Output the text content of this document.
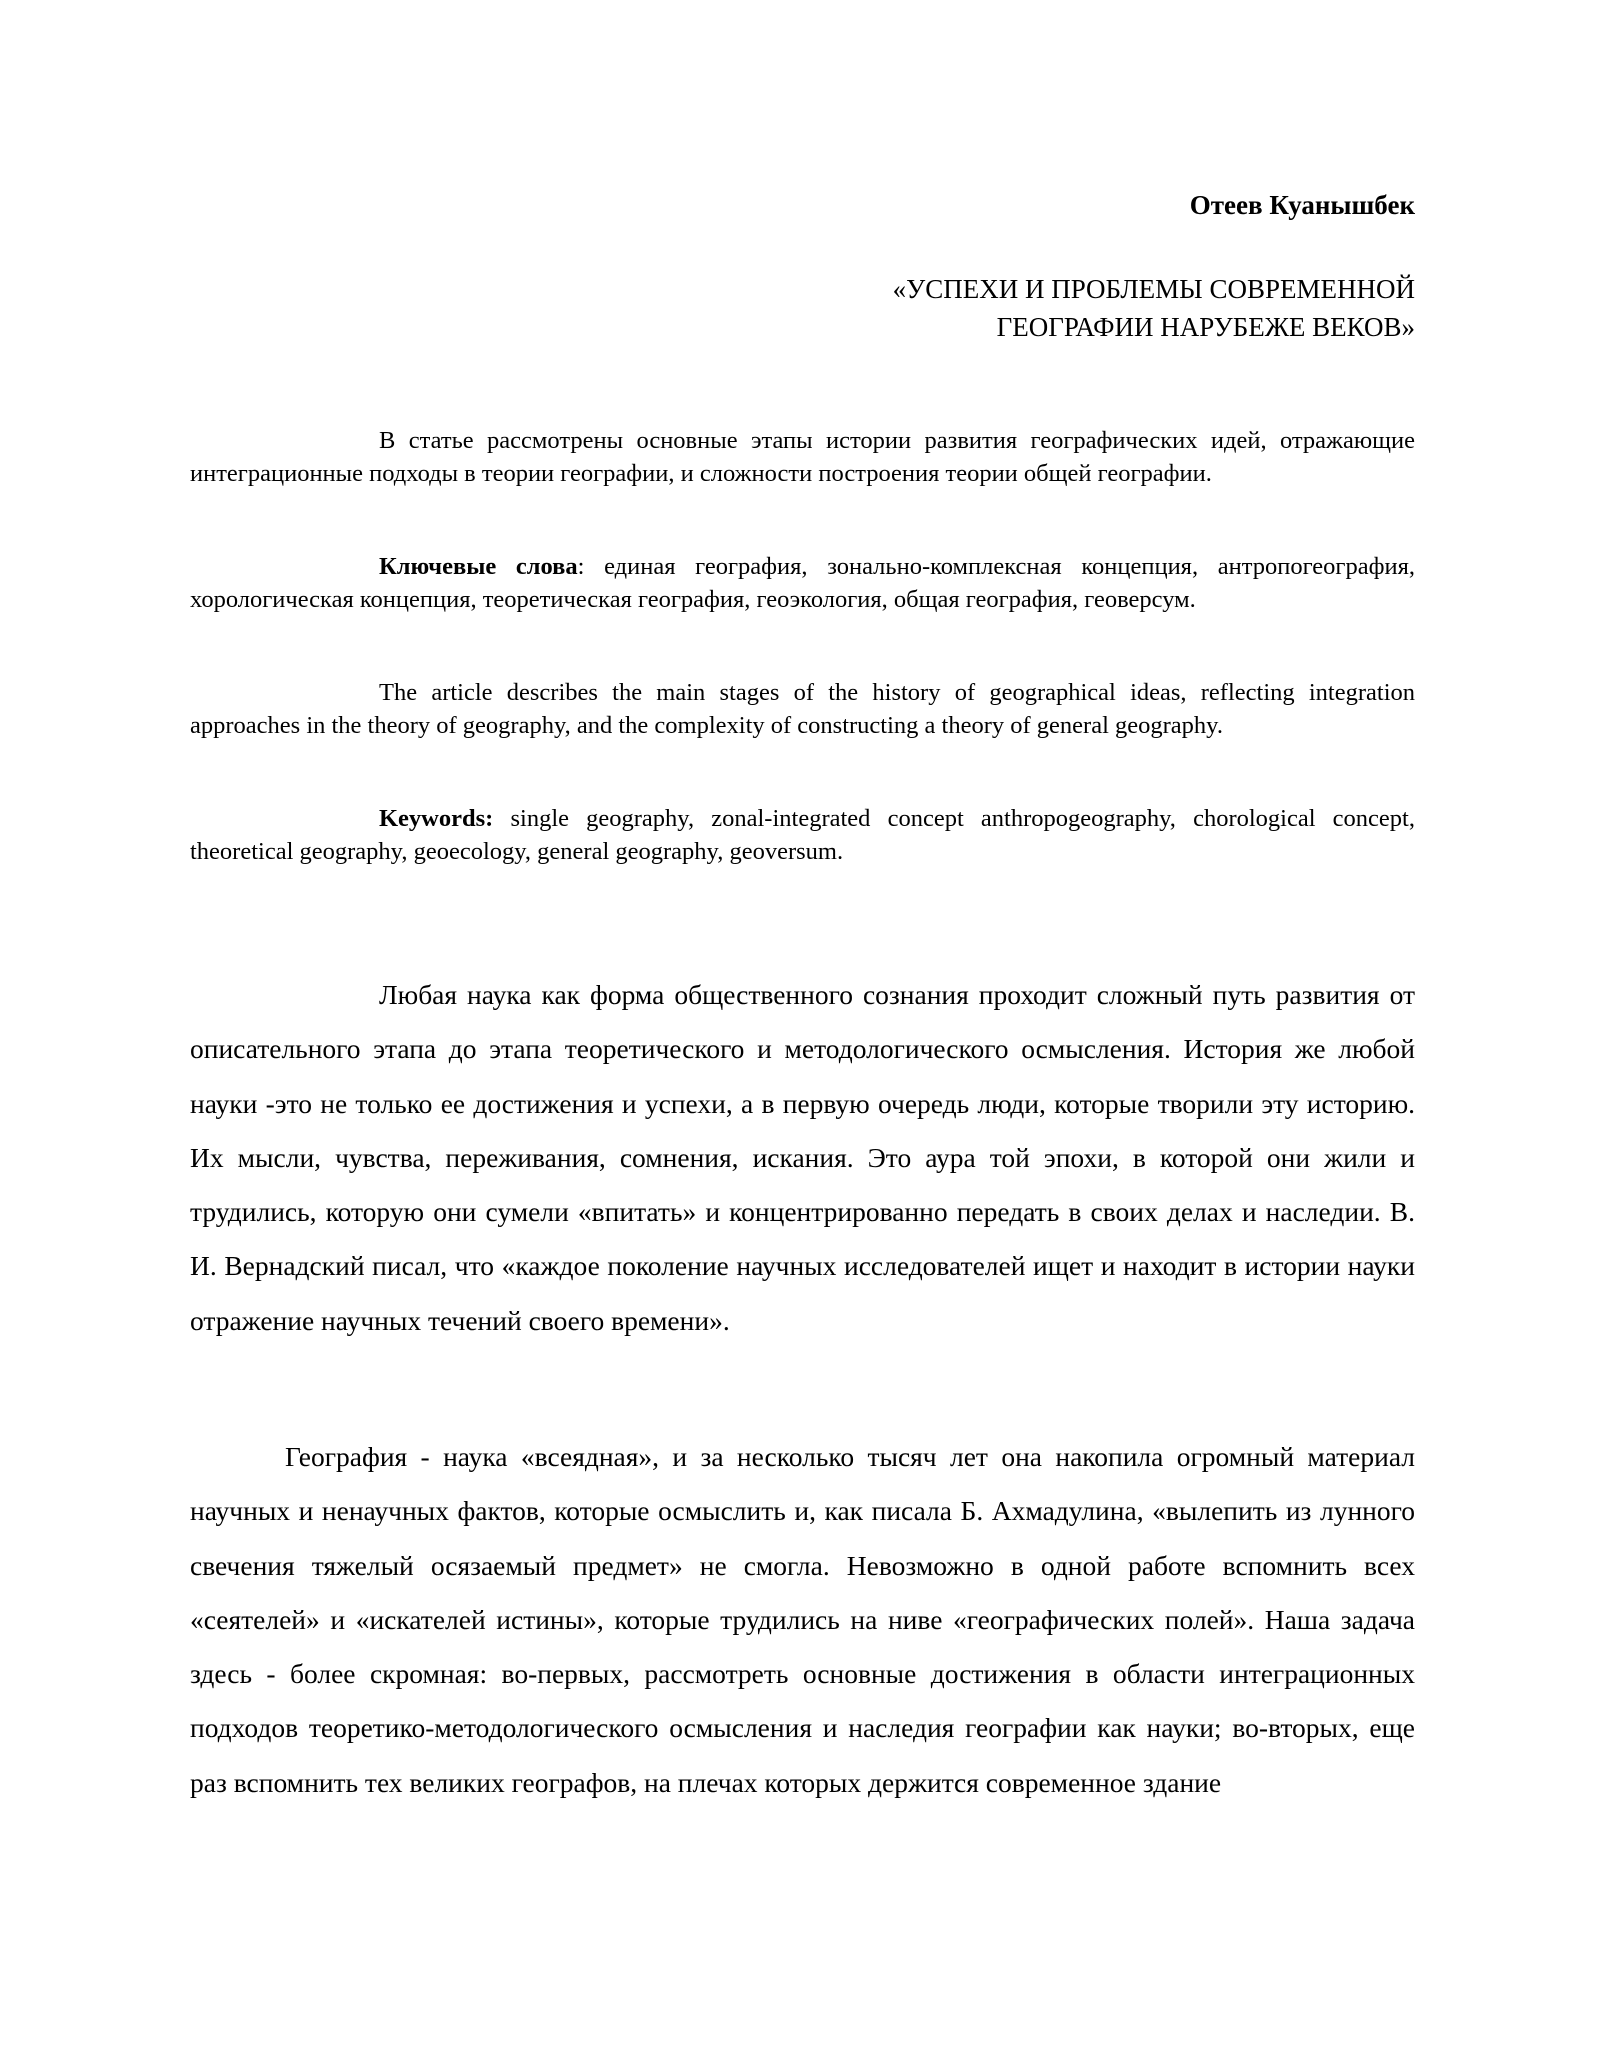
Отеев Куанышбек
«УСПЕХИ И ПРОБЛЕМЫ СОВРЕМЕННОЙ
ГЕОГРАФИИ НАРУБЕЖЕ ВЕКОВ»

В статье рассмотрены основные этапы истории развития географических идей, отражающие интеграционные подходы в теории географии, и сложности построения теории общей географии.

Ключевые слова: единая география, зонально-комплексная концепция, антропогеография, хорологическая концепция, теоретическая география, геоэкология, общая география, геоверсум.

The article describes the main stages of the history of geographical ideas, reflecting integration approaches in the theory of geography, and the complexity of constructing a theory of general geography.

Keywords: single geography, zonal-integrated concept anthropogeography, chorological concept, theoretical geography, geoecology, general geography, geoversum.

Любая наука как форма общественного сознания проходит сложный путь развития от описательного этапа до этапа теоретического и методологического осмысления. История же любой науки -это не только ее достижения и успехи, а в первую очередь люди, которые творили эту историю. Их мысли, чувства, переживания, сомнения, искания. Это аура той эпохи, в которой они жили и трудились, которую они сумели «впитать» и концентрированно передать в своих делах и наследии. В. И. Вернадский писал, что «каждое поколение научных исследователей ищет и находит в истории науки отражение научных течений своего времени».

География - наука «всеядная», и за несколько тысяч лет она накопила огромный материал научных и ненаучных фактов, которые осмыслить и, как писала Б. Ахмадулина, «вылепить из лунного свечения тяжелый осязаемый предмет» не смогла. Невозможно в одной работе вспомнить всех «сеятелей» и «искателей истины», которые трудились на ниве «географических полей». Наша задача здесь - более скромная: во-первых, рассмотреть основные достижения в области интеграционных подходов теоретико-методологического осмысления и наследия географии как науки; во-вторых, еще раз вспомнить тех великих географов, на плечах которых держится современное здание
